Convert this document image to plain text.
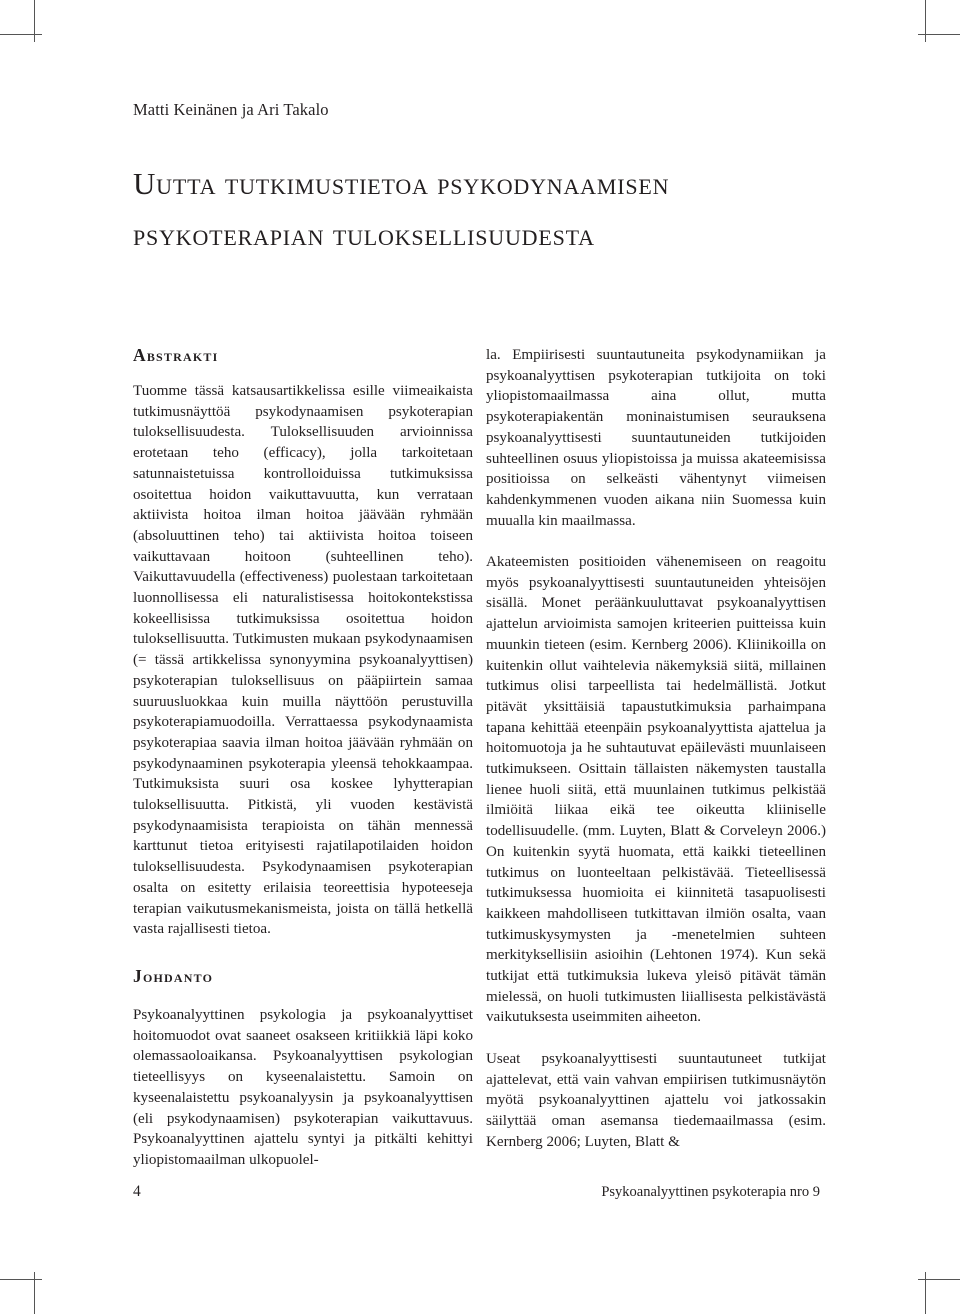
Matti Keinänen ja Ari Takalo
Uutta tutkimustietoa psykodynaamisen
psykoterapian tuloksellisuudesta
Abstrakti

Tuomme tässä katsausartikkelissa esille viimeaikaista tutkimusnäyttöä psykodynaamisen psykoterapian tuloksellisuudesta. Tuloksellisuuden arvioinnissa erotetaan teho (efficacy), jolla tarkoitetaan satunnaistetuissa kontrolloiduissa tutkimuksissa osoitettua hoidon vaikuttavuutta, kun verrataan aktiivista hoitoa ilman hoitoa jäävään ryhmään (absoluuttinen teho) tai aktiivista hoitoa toiseen vaikuttavaan hoitoon (suhteellinen teho). Vaikuttavuudella (effectiveness) puolestaan tarkoitetaan luonnollisessa eli naturalistisessa hoitokontekstissa kokeellisissa tutkimuksissa osoitettua hoidon tuloksellisuutta. Tutkimusten mukaan psykodynaamisen (= tässä artikkelissa synonyymina psykoanalyyttisen) psykoterapian tuloksellisuus on pääpiirtein samaa suuruusluokkaa kuin muilla näyttöön perustuvilla psykoterapiamuodoilla. Verrattaessa psykodynaamista psykoterapiaa saavia ilman hoitoa jäävään ryhmään on psykodynaaminen psykoterapia yleensä tehokkaampaa. Tutkimuksista suuri osa koskee lyhytterapian tuloksellisuutta. Pitkistä, yli vuoden kestävistä psykodynaamisista terapioista on tähän mennessä karttunut tietoa erityisesti rajatilapotilaiden hoidon tuloksellisuudesta. Psykodynaamisen psykoterapian osalta on esitetty erilaisia teoreettisia hypoteeseja terapian vaikutusmekanismeista, joista on tällä hetkellä vasta rajallisesti tietoa.

Johdanto

Psykoanalyyttinen psykologia ja psykoanalyyttiset hoitomuodot ovat saaneet osakseen kritiikkiä läpi koko olemassaoloaikansa. Psykoanalyyttisen psykologian tieteellisyys on kyseenalaistettu. Samoin on kyseenalaistettu psykoanalyysin ja psykoanalyyttisen (eli psykodynaamisen) psykoterapian vaikuttavuus. Psykoanalyyttinen ajattelu syntyi ja pitkälti kehittyi yliopistomaailman ulkopuolel-

la. Empiirisesti suuntautuneita psykodynamiikan ja psykoanalyyttisen psykoterapian tutkijoita on toki yliopistomaailmassa aina ollut, mutta psykoterapiakentän moninaistumisen seurauksena psykoanalyyttisesti suuntautuneiden tutkijoiden suhteellinen osuus yliopistoissa ja muissa akateemisissa positioissa on selkeästi vähentynyt viimeisen kahdenkymmenen vuoden aikana niin Suomessa kuin muualla kin maailmassa.

Akateemisten positioiden vähenemiseen on reagoitu myös psykoanalyyttisesti suuntautuneiden yhteisöjen sisällä. Monet peräänkuuluttavat psykoanalyyttisen ajattelun arvioimista samojen kriteerien puitteissa kuin muunkin tieteen (esim. Kernberg 2006). Kliinikoilla on kuitenkin ollut vaihtelevia näkemyksiä siitä, millainen tutkimus olisi tarpeellista tai hedelmällistä. Jotkut pitävät yksittäisiä tapaustutkimuksia parhaimpana tapana kehittää eteenpäin psykoanalyyttista ajattelua ja hoitomuotoja ja he suhtautuvat epäilevästi muunlaiseen tutkimukseen. Osittain tällaisten näkemysten taustalla lienee huoli siitä, että muunlainen tutkimus pelkistää ilmiöitä liikaa eikä tee oikeutta kliiniselle todellisuudelle. (mm. Luyten, Blatt & Corveleyn 2006.) On kuitenkin syytä huomata, että kaikki tieteellinen tutkimus on luonteeltaan pelkistävää. Tieteellisessä tutkimuksessa huomioita ei kiinnitetä tasapuolisesti kaikkeen mahdolliseen tutkittavan ilmiön osalta, vaan tutkimuskysymysten ja -menetelmien suhteen merkityksellisiin asioihin (Lehtonen 1974). Kun sekä tutkijat että tutkimuksia lukeva yleisö pitävät tämän mielessä, on huoli tutkimusten liiallisesta pelkistävästä vaikutuksesta useimmiten aiheeton.

Useat psykoanalyyttisesti suuntautuneet tutkijat ajattelevat, että vain vahvan empiirisen tutkimusnäytön myötä psykoanalyyttinen ajattelu voi jatkossakin säilyttää oman asemansa tiedemaailmassa (esim. Kernberg 2006; Luyten, Blatt &

4	Psykoanalyyttinen psykoterapia nro 9
